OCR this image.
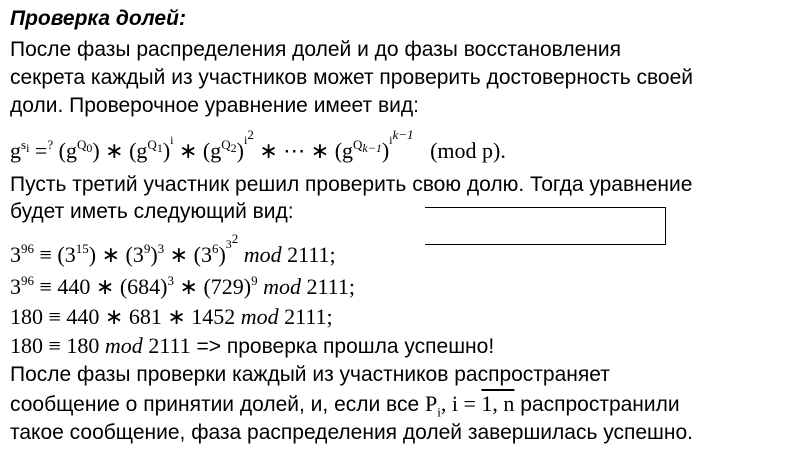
Проверка долей:
После фазы распределения долей и до фазы восстановления
секрета каждый из участников может проверить достоверность своей
доли. Проверочное уравнение имеет вид:
$g^{si} =^?$ $(g^{Q0})$ ∗ $(g^{Q1})^i$ ∗ $(g^{Q2})^{i^2}$ ∗ ⋯ ∗ $(g^{Qk-1})^{i^{k-1}}$   (mod p).
Пусть третий участник решил проверить свою долю. Тогда уравнение
будет иметь следующий вид:
$3^{96} \equiv (3^{15})$ ∗ $(3^9)^3$ ∗ $(3^6)^{3^2}$ mod 2111;
$3^{96} \equiv 440$ ∗ $(684)^3$ ∗ $(729)^9$ mod 2111;
180 ≡ 440 ∗ 681 ∗ 1452 mod 2111;
180 ≡ 180 mod 2111 => проверка прошла успешно!
После фазы проверки каждый из участников распространяет
сообщение о принятии долей, и, если все $P_i$, i = 1, n распространили
такое сообщение, фаза распределения долей завершилась успешно.
